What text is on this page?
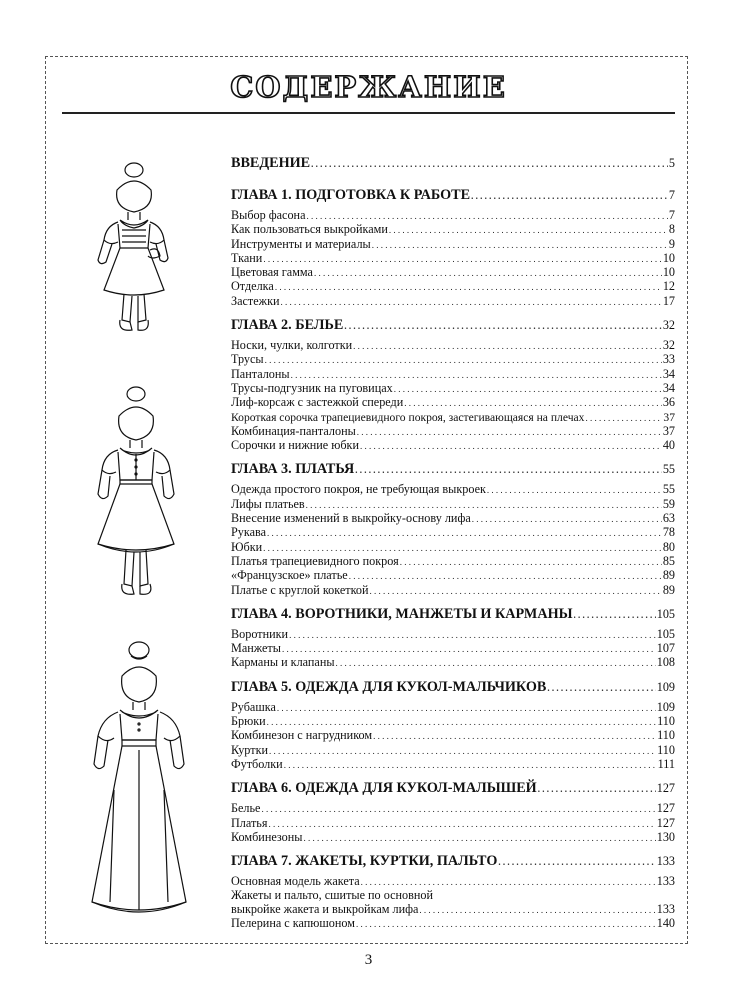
СОДЕРЖАНИЕ
ВВЕДЕНИЕ . . .	5
ГЛАВА 1. ПОДГОТОВКА К РАБОТЕ . . .	7
Выбор фасона . . .	7
Как пользоваться выкройками . . .	8
Инструменты и материалы . . .	9
Ткани . . .	10
Цветовая гамма . . .	10
Отделка . . .	12
Застежки . . .	17
ГЛАВА 2. БЕЛЬЕ . . .	32
Носки, чулки, колготки . . .	32
Трусы . . .	33
Панталоны . . .	34
Трусы-подгузник на пуговицах . . .	34
Лиф-корсаж с застежкой спереди . . .	36
Короткая сорочка трапециевидного покроя, застегивающаяся на плечах . . .	37
Комбинация-панталоны . . .	37
Сорочки и нижние юбки . . .	40
ГЛАВА 3. ПЛАТЬЯ . . .	55
Одежда простого покроя, не требующая выкроек . . .	55
Лифы платьев . . .	59
Внесение изменений в выкройку-основу лифа . . .	63
Рукава . . .	78
Юбки . . .	80
Платья трапециевидного покроя . . .	85
«Французское» платье . . .	89
Платье с круглой кокеткой . . .	89
ГЛАВА 4. ВОРОТНИКИ, МАНЖЕТЫ И КАРМАНЫ . . .	105
Воротники . . .	105
Манжеты . . .	107
Карманы и клапаны . . .	108
ГЛАВА 5. ОДЕЖДА ДЛЯ КУКОЛ-МАЛЬЧИКОВ . . .	109
Рубашка . . .	109
Брюки . . .	110
Комбинезон с нагрудником . . .	110
Куртки . . .	110
Футболки . . .	111
ГЛАВА 6. ОДЕЖДА ДЛЯ КУКОЛ-МАЛЫШЕЙ . . .	127
Белье . . .	127
Платья . . .	127
Комбинезоны . . .	130
ГЛАВА 7. ЖАКЕТЫ, КУРТКИ, ПАЛЬТО . . .	133
Основная модель жакета . . .	133
Жакеты и пальто, сшитые по основной
выкройке жакета и выкройкам лифа . . .	133
Пелерина с капюшоном . . .	140
3
